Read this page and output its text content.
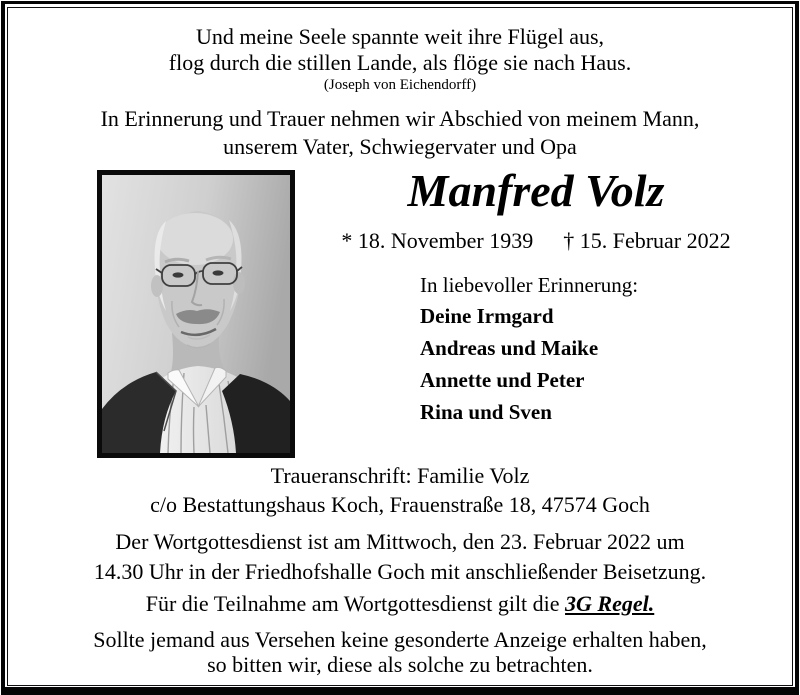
Und meine Seele spannte weit ihre Flügel aus,
flog durch die stillen Lande, als flöge sie nach Haus.
(Joseph von Eichendorff)
In Erinnerung und Trauer nehmen wir Abschied von meinem Mann,
unserem Vater, Schwiegervater und Opa
Manfred Volz
* 18. November 1939 † 15. Februar 2022
In liebevoller Erinnerung:
Deine Irmgard
Andreas und Maike
Annette und Peter
Rina und Sven
Traueranschrift: Familie Volz
c/o Bestattungshaus Koch, Frauenstraße 18, 47574 Goch
Der Wortgottesdienst ist am Mittwoch, den 23. Februar 2022 um
14.30 Uhr in der Friedhofshalle Goch mit anschließender Beisetzung.
Für die Teilnahme am Wortgottesdienst gilt die 3G Regel.
Sollte jemand aus Versehen keine gesonderte Anzeige erhalten haben,
so bitten wir, diese als solche zu betrachten.
